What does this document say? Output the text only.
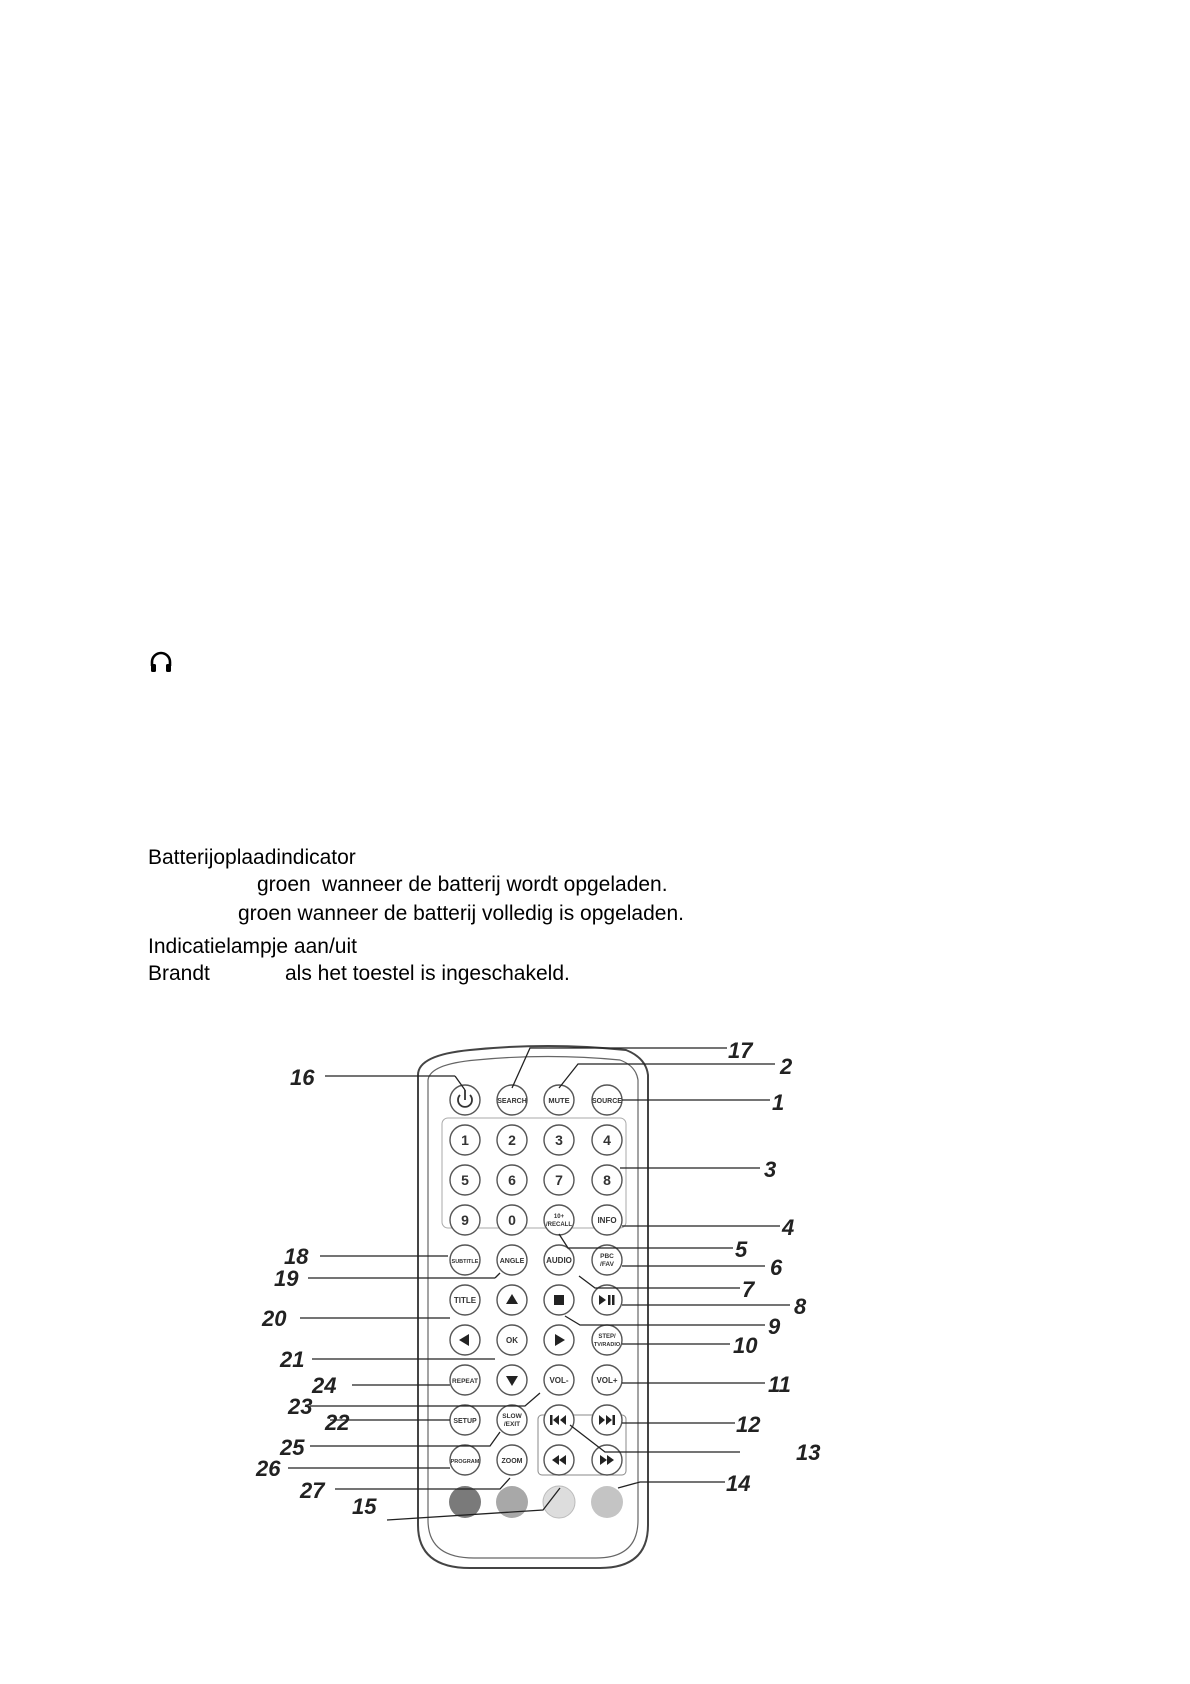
Batterijoplaadindicator
groen wanneer de batterij wordt opgeladen.
groen wanneer de batterij volledig is opgeladen.
Indicatielampje aan/uit
Brandt	als het toestel is ingeschakeld.
SEARCH	MUTE	SOURCE
1	2	3	4
5	6	7	8
9	0	10+
/RECALL	INFO
SUBTITLE	ANGLE	AUDIO	PBC
/FAV
TITLE
OK	STEP/
TV/RADIO
REPEAT	VOL-	VOL+
SETUP
SLOW
/EXIT
PROGRAM	ZOOM
16
17
2
1
3
4
5
6
7
8
9
10
11
12
13
14
15
18
19
20
21
24
23
22
25
26
27
